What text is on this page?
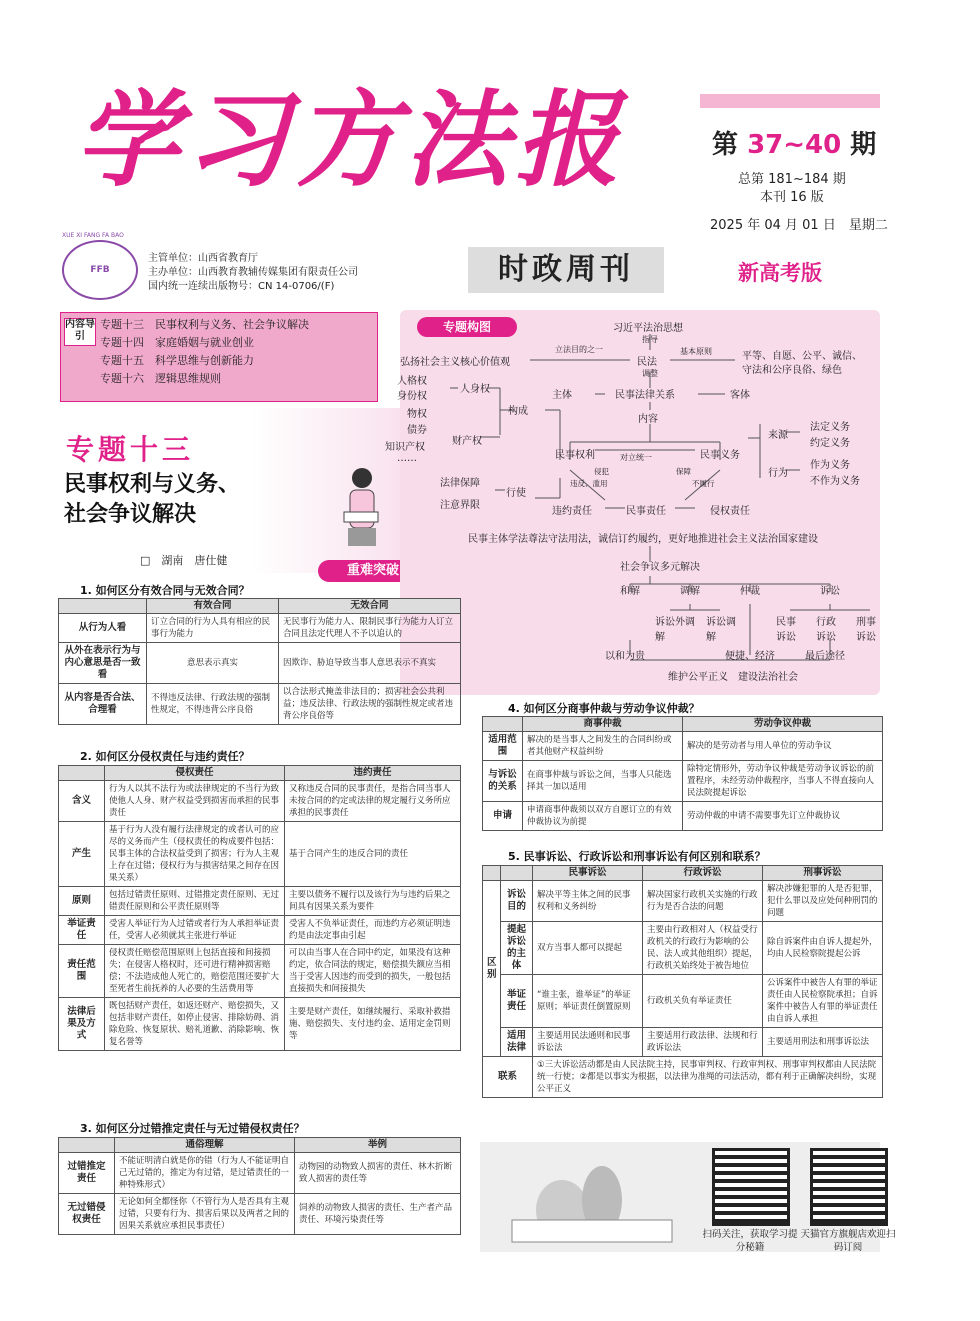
学习方法报	第 37~40 期
总第 181~184 期
本刊 16 版
2025 年 04 月 01 日　星期二
FFB
XUE XI FANG FA BAO
主管单位：山西省教育厅
主办单位：山西教育教辅传媒集团有限责任公司
国内统一连续出版物号：CN 14-0706/(F)	时政周刊	新高考版
内容导引
专题十三　民事权利与义务、社会争议解决
专题十四　家庭婚姻与就业创业
专题十五　科学思维与创新能力
专题十六　逻辑思维规则
专题十三
民事权利与义务、
社会争议解决
□　湖南　唐仕健
重难突破
专题构图	习近平法治思想
指导
民法
调整
弘扬社会主义核心价值观
立法目的之一	基本原则	平等、自愿、公平、诚信、
守法和公序良俗、绿色
主体	民事法律关系	客体
内容
人格权
身份权
人身权
物权
债券
知识产权
……
财产权
构成
民事权利	对立统一	民事义务
来源
法定义务
约定义务
行为
作为义务
不作为义务
法律保障
注意界限
行使
侵犯
违反、滥用
保障
不履行
违约责任	民事责任	侵权责任
民事主体学法尊法守法用法，诚信订约履约，更好地推进社会主义法治国家建设
社会争议多元解决
和解	调解	仲裁	诉讼
诉讼外调解
诉讼调解
民事诉讼
行政诉讼
刑事诉讼
以和为贵	便捷、经济	最后途径
维护公平正义　建设法治社会
1. 如何区分有效合同与无效合同？
	有效合同	无效合同
从行为人看	订立合同的行为人具有相应的民事行为能力	无民事行为能力人、限制民事行为能力人订立合同且法定代理人不予以追认的
从外在表示行为与内心意思是否一致看	意思表示真实	因欺诈、胁迫导致当事人意思表示不真实
从内容是否合法、合理看	不得违反法律、行政法规的强制性规定，不得违背公序良俗	以合法形式掩盖非法目的；损害社会公共利益；违反法律、行政法规的强制性规定或者违背公序良俗等
2. 如何区分侵权责任与违约责任？
	侵权责任	违约责任
含义	行为人以其不法行为或法律规定的不当行为致使他人人身、财产权益受到损害而承担的民事责任	又称违反合同的民事责任，是指合同当事人未按合同的约定或法律的规定履行义务所应承担的民事责任
产生	基于行为人没有履行法律规定的或者认可的应尽的义务而产生（侵权责任的构成要件包括：民事主体的合法权益受到了损害；行为人主观上存在过错；侵权行为与损害结果之间存在因果关系）	基于合同产生的违反合同的责任
原则	包括过错责任原则、过错推定责任原则、无过错责任原则和公平责任原则等	主要以债务不履行以及该行为与违约后果之间具有因果关系为要件
举证责任	受害人举证行为人过错或者行为人承担举证责任，受害人必须就其主张进行举证	受害人不负举证责任，而违约方必须证明违约是由法定事由引起
责任范围	侵权责任赔偿范围原则上包括直接和间接损失；在侵害人格权时，还可进行精神损害赔偿；不法造成他人死亡的，赔偿范围还要扩大至死者生前抚养的人必要的生活费用等	可以由当事人在合同中约定，如果没有这种约定，依合同法的规定，赔偿损失额应当相当于受害人因违约而受到的损失，一般包括直接损失和间接损失
法律后果及方式	既包括财产责任，如返还财产、赔偿损失，又包括非财产责任，如停止侵害、排除妨碍、消除危险、恢复原状、赔礼道歉、消除影响、恢复名誉等	主要是财产责任，如继续履行、采取补救措施、赔偿损失、支付违约金、适用定金罚则等
3. 如何区分过错推定责任与无过错侵权责任？
	通俗理解	举例
过错推定责任	不能证明清白就是你的错（行为人不能证明自己无过错的，推定为有过错，是过错责任的一种特殊形式）	动物园的动物致人损害的责任、林木折断致人损害的责任等
无过错侵权责任	无论如何全都怪你（不管行为人是否具有主观过错，只要有行为、损害后果以及两者之间的因果关系就应承担民事责任）	饲养的动物致人损害的责任、生产者产品责任、环境污染责任等
4. 如何区分商事仲裁与劳动争议仲裁？
	商事仲裁	劳动争议仲裁
适用范围	解决的是当事人之间发生的合同纠纷或者其他财产权益纠纷	解决的是劳动者与用人单位的劳动争议
与诉讼的关系	在商事仲裁与诉讼之间，当事人只能选择其一加以适用	除特定情形外，劳动争议仲裁是劳动争议诉讼的前置程序，未经劳动仲裁程序，当事人不得直接向人民法院提起诉讼
申请	申请商事仲裁须以双方自愿订立的有效仲裁协议为前提	劳动仲裁的申请不需要事先订立仲裁协议
5. 民事诉讼、行政诉讼和刑事诉讼有何区别和联系？
		民事诉讼	行政诉讼	刑事诉讼
区别	诉讼目的	解决平等主体之间的民事权利和义务纠纷	解决国家行政机关实施的行政行为是否合法的问题	解决涉嫌犯罪的人是否犯罪，犯什么罪以及应处何种刑罚的问题
	提起诉讼的主体	双方当事人都可以提起	主要由行政相对人（权益受行政机关的行政行为影响的公民、法人或其他组织）提起，行政机关始终处于被告地位	除自诉案件由自诉人提起外，均由人民检察院提起公诉
	举证责任	“谁主张，谁举证”的举证原则；举证责任倒置原则	行政机关负有举证责任	公诉案件中被告人有罪的举证责任由人民检察院承担；自诉案件中被告人有罪的举证责任由自诉人承担
	适用法律	主要适用民法通则和民事诉讼法	主要适用行政法律、法规和行政诉讼法	主要适用刑法和刑事诉讼法
联系		①三大诉讼活动都是由人民法院主持，民事审判权、行政审判权、刑事审判权都由人民法院统一行使；②都是以事实为根据，以法律为准绳的司法活动，都有利于正确解决纠纷，实现公平正义		
扫码关注，获取学习提分秘籍
天猫官方旗舰店欢迎扫码订阅
